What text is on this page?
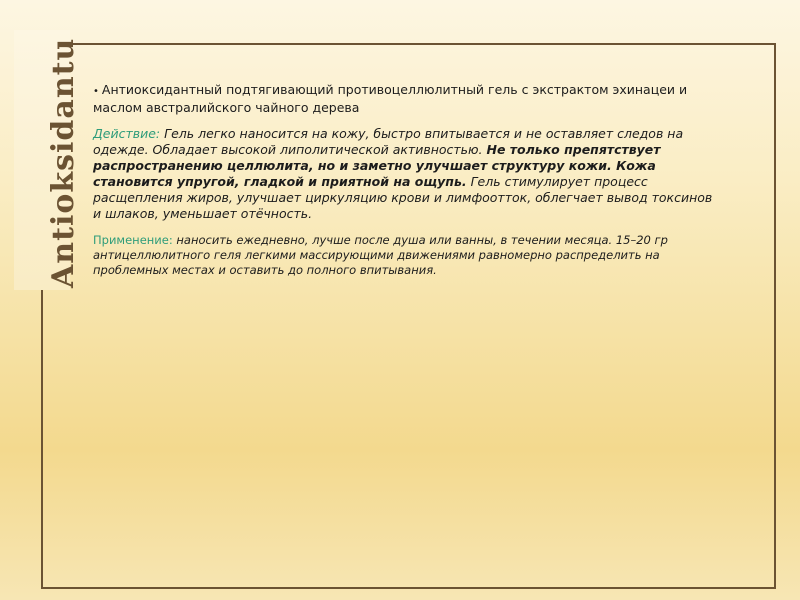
Antioksidantu	• Антиоксидантный подтягивающий противоцеллюлитный гель с экстрактом эхинацеи и маслом австралийского чайного дерева

Действие: Гель легко наносится на кожу, быстро впитывается и не оставляет следов на одежде. Обладает высокой липолитической активностью. Не только препятствует распространению целлюлита, но и заметно улучшает структуру кожи. Кожа становится упругой, гладкой и приятной на ощупь. Гель стимулирует процесс расщепления жиров, улучшает циркуляцию крови и лимфоотток, облегчает вывод токсинов и шлаков, уменьшает отёчность.

Применение: наносить ежедневно, лучше после душа или ванны, в течении месяца. 15–20 гр антицеллюлитного геля легкими массирующими движениями равномерно распределить на проблемных местах и оставить до полного впитывания.
